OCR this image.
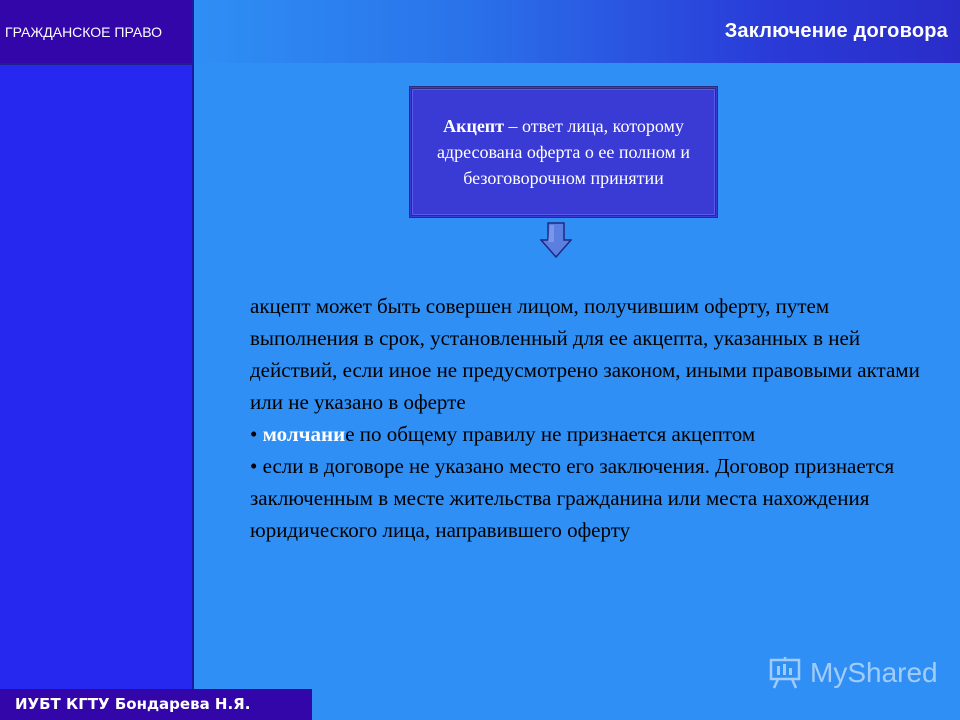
Заключение договора
ГРАЖДАНСКОЕ ПРАВО
ИУБТ КГТУ Бондарева Н.Я.
Акцепт – ответ лица, которому адресована оферта о ее полном и безоговорочном принятии

акцепт может быть совершен лицом, получившим оферту, путем выполнения в срок, установленный для ее акцепта, указанных в ней действий, если иное не предусмотрено законом, иными правовыми актами или не указано в оферте

• молчание по общему правилу не признается акцептом

• если в договоре не указано место его заключения. Договор признается заключенным в месте жительства гражданина или места нахождения юридического лица, направившего оферту

MyShared
